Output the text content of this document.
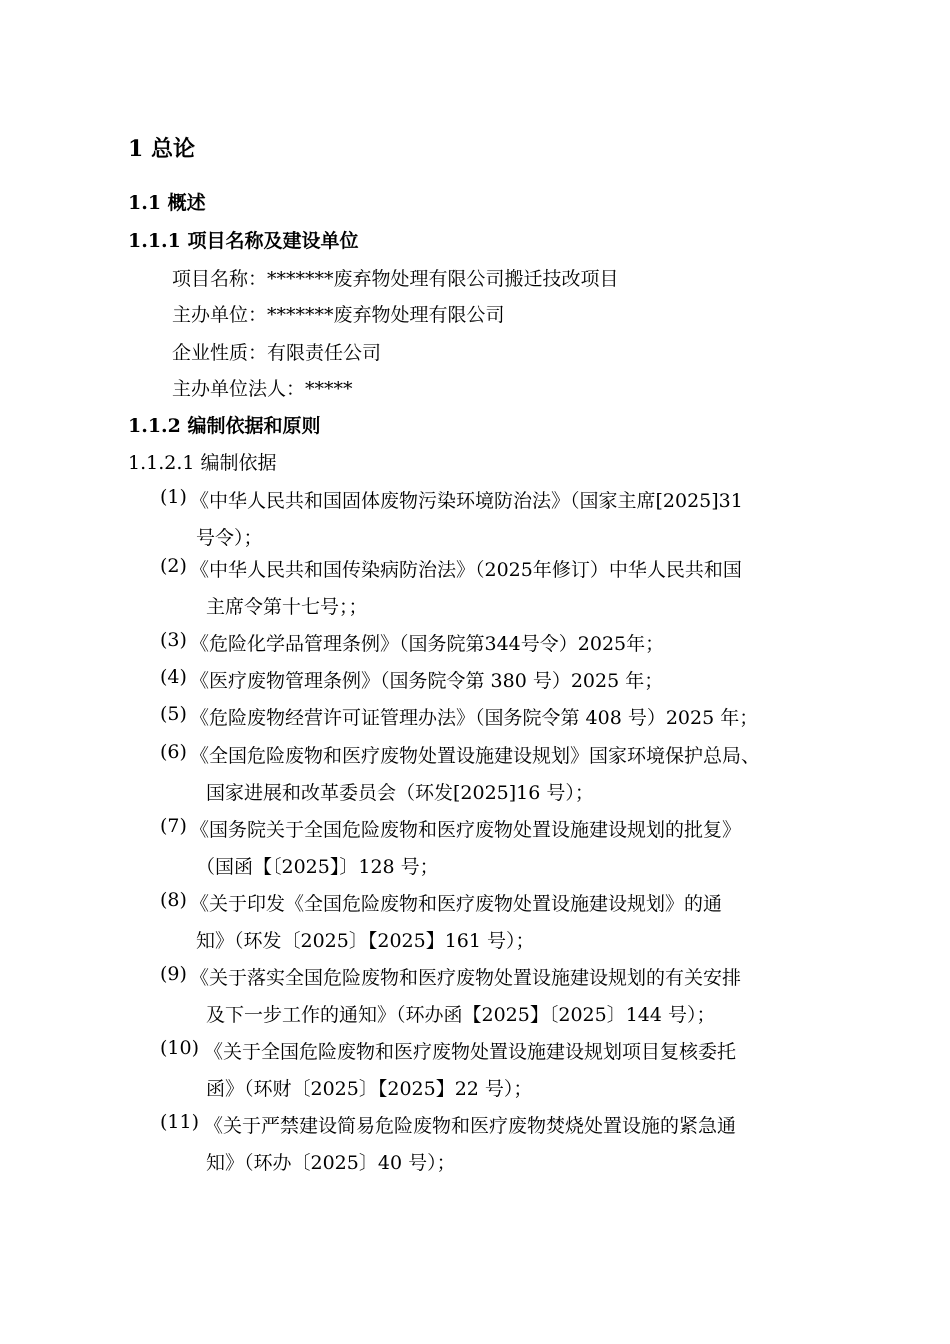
1 总论
1.1 概述
1.1.1 项目名称及建设单位
项目名称：*******废弃物处理有限公司搬迁技改项目
主办单位：*******废弃物处理有限公司
企业性质：有限责任公司
主办单位法人：*****
1.1.2 编制依据和原则
1.1.2.1 编制依据
(1) 《中华人民共和国固体废物污染环境防治法》（国家主席[2025]31
号令）；
(2) 《中华人民共和国传染病防治法》（2025年修订）中华人民共和国
主席令第十七号；；
(3) 《危险化学品管理条例》（国务院第344号令）2025年；
(4) 《医疗废物管理条例》（国务院令第 380 号）2025 年；
(5) 《危险废物经营许可证管理办法》（国务院令第 408 号）2025 年；
(6) 《全国危险废物和医疗废物处置设施建设规划》国家环境保护总局、
国家进展和改革委员会（环发[2025]16 号）；
(7) 《国务院关于全国危险废物和医疗废物处置设施建设规划的批复》
（国函【〔2025】〕128 号；
(8) 《关于印发《全国危险废物和医疗废物处置设施建设规划》的通
知》（环发〔2025〕【2025】161 号）；
(9) 《关于落实全国危险废物和医疗废物处置设施建设规划的有关安排
及下一步工作的通知》（环办函【2025】〔2025〕144 号）；
(10) 《关于全国危险废物和医疗废物处置设施建设规划项目复核委托
函》（环财〔2025〕【2025】22 号）；
(11) 《关于严禁建设简易危险废物和医疗废物焚烧处置设施的紧急通
知》（环办〔2025〕40 号）；
